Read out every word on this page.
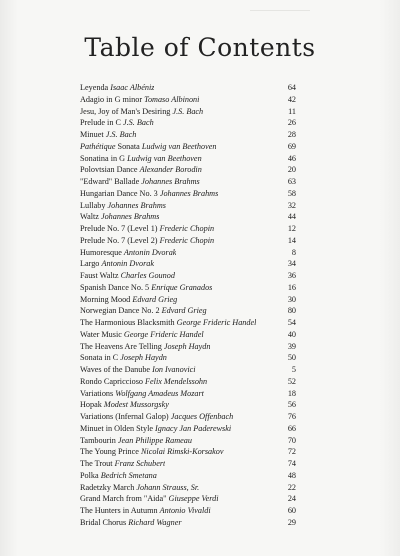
Table of Contents
Leyenda Isaac Albéniz	64
Adagio in G minor Tomaso Albinoni	42
Jesu, Joy of Man's Desiring J.S. Bach	11
Prelude in C J.S. Bach	26
Minuet J.S. Bach	28
Pathétique Sonata Ludwig van Beethoven	69
Sonatina in G Ludwig van Beethoven	46
Polovtsian Dance Alexander Borodin	20
"Edward" Ballade Johannes Brahms	63
Hungarian Dance No. 3 Johannes Brahms	58
Lullaby Johannes Brahms	32
Waltz Johannes Brahms	44
Prelude No. 7 (Level 1) Frederic Chopin	12
Prelude No. 7 (Level 2) Frederic Chopin	14
Humoresque Antonin Dvorak	8
Largo Antonin Dvorak	34
Faust Waltz Charles Gounod	36
Spanish Dance No. 5 Enrique Granados	16
Morning Mood Edvard Grieg	30
Norwegian Dance No. 2 Edvard Grieg	80
The Harmonious Blacksmith George Frideric Handel	54
Water Music George Frideric Handel	40
The Heavens Are Telling Joseph Haydn	39
Sonata in C Joseph Haydn	50
Waves of the Danube Ion Ivanovici	5
Rondo Capriccioso Felix Mendelssohn	52
Variations Wolfgang Amadeus Mozart	18
Hopak Modest Mussorgsky	56
Variations (Infernal Galop) Jacques Offenbach	76
Minuet in Olden Style Ignacy Jan Paderewski	66
Tambourin Jean Philippe Rameau	70
The Young Prince Nicolai Rimski-Korsakov	72
The Trout Franz Schubert	74
Polka Bedrich Smetana	48
Radetzky March Johann Strauss, Sr.	22
Grand March from "Aida" Giuseppe Verdi	24
The Hunters in Autumn Antonio Vivaldi	60
Bridal Chorus Richard Wagner	29
